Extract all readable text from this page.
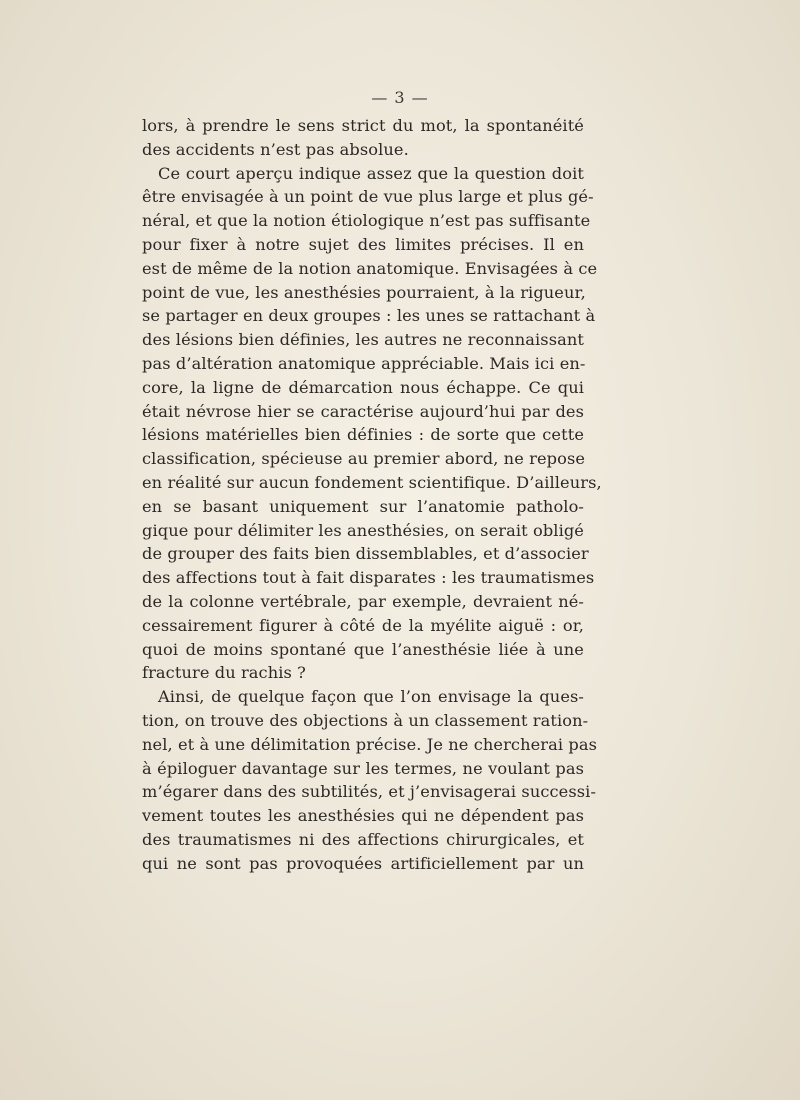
— 3 —
lors, à prendre le sens strict du mot, la spontanéité
des accidents n’est pas absolue.
Ce court aperçu indique assez que la question doit
être envisagée à un point de vue plus large et plus gé-
néral, et que la notion étiologique n’est pas suffisante
pour fixer à notre sujet des limites précises. Il en
est de même de la notion anatomique. Envisagées à ce
point de vue, les anesthésies pourraient, à la rigueur,
se partager en deux groupes : les unes se rattachant à
des lésions bien définies, les autres ne reconnaissant
pas d’altération anatomique appréciable. Mais ici en-
core, la ligne de démarcation nous échappe. Ce qui
était névrose hier se caractérise aujourd’hui par des
lésions matérielles bien définies : de sorte que cette
classification, spécieuse au premier abord, ne repose
en réalité sur aucun fondement scientifique. D’ailleurs,
en se basant uniquement sur l’anatomie patholo-
gique pour délimiter les anesthésies, on serait obligé
de grouper des faits bien dissemblables, et d’associer
des affections tout à fait disparates : les traumatismes
de la colonne vertébrale, par exemple, devraient né-
cessairement figurer à côté de la myélite aiguë : or,
quoi de moins spontané que l’anesthésie liée à une
fracture du rachis ?
Ainsi, de quelque façon que l’on envisage la ques-
tion, on trouve des objections à un classement ration-
nel, et à une délimitation précise. Je ne chercherai pas
à épiloguer davantage sur les termes, ne voulant pas
m’égarer dans des subtilités, et j’envisagerai successi-
vement toutes les anesthésies qui ne dépendent pas
des traumatismes ni des affections chirurgicales, et
qui ne sont pas provoquées artificiellement par un
